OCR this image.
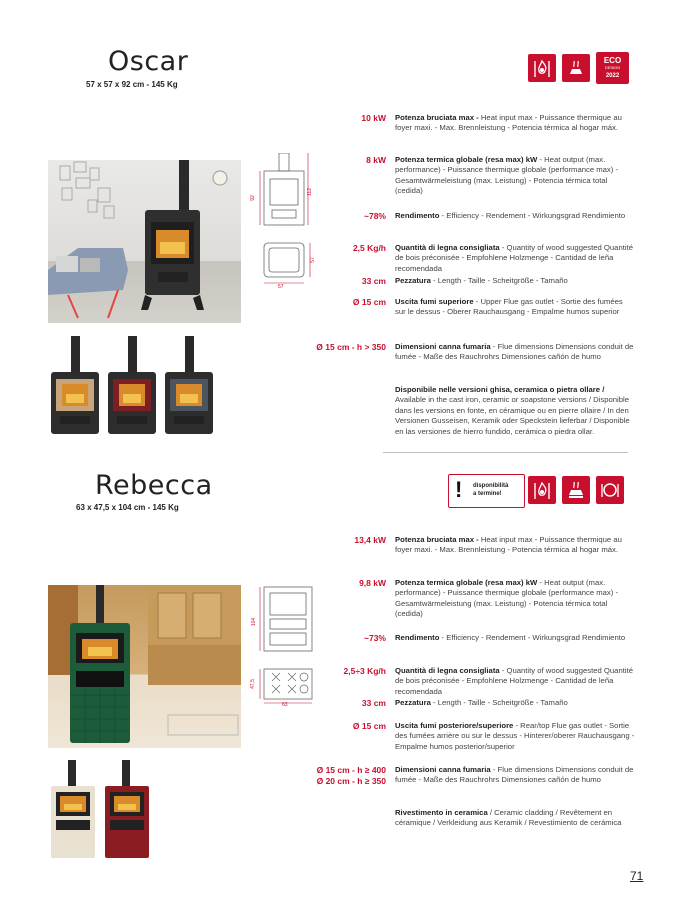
Oscar
57 x 57 x 92 cm - 145 Kg
ECO
DESIGN
2022
92
112
57
57
10 kW Potenza bruciata max - Heat input max - Puissance thermique au foyer maxi. - Max. Brennleistung - Potencia térmica al hogar máx.
8 kW Potenza termica globale (resa max) kW - Heat output (max. performance) - Puissance thermique globale (performance max) - Gesamtwärmeleistung (max. Leistung) - Potencia térmica total (cedida)
~78% Rendimento - Efficiency - Rendement - Wirkungsgrad Rendimiento
2,5 Kg/h Quantità di legna consigliata - Quantity of wood suggested Quantité de bois préconisée - Empfohlene Holzmenge - Cantidad de leña recomendada
33 cm Pezzatura - Length - Taille - Scheitgröße - Tamaño
Ø 15 cm Uscita fumi superiore - Upper Flue gas outlet - Sortie des fumées sur le dessus - Oberer Rauchausgang - Empalme humos superior
Ø 15 cm - h > 350 Dimensioni canna fumaria - Flue dimensions Dimensions conduit de fumée - Maße des Rauchrohrs Dimensiones cañón de humo
Disponibile nelle versioni ghisa, ceramica o pietra ollare / Available in the cast iron, ceramic or soapstone versions / Disponible dans les versions en fonte, en céramique ou en pierre ollaire / In den Versionen Gusseisen, Keramik oder Speckstein lieferbar / Disponible en las versiones de hierro fundido, cerámica o piedra ollar.
Rebecca
63 x 47,5 x 104 cm - 145 Kg
! disponibilità
a termine!
104
47,5
63
13,4 kW Potenza bruciata max - Heat input max - Puissance thermique au foyer maxi. - Max. Brennleistung - Potencia térmica al hogar máx.
9,8 kW Potenza termica globale (resa max) kW - Heat output (max. performance) - Puissance thermique globale (performance max) - Gesamtwärmeleistung (max. Leistung) - Potencia térmica total (cedida)
~73% Rendimento - Efficiency - Rendement - Wirkungsgrad Rendimiento
2,5÷3 Kg/h Quantità di legna consigliata - Quantity of wood suggested Quantité de bois préconisée - Empfohlene Holzmenge - Cantidad de leña recomendada
33 cm Pezzatura - Length - Taille - Scheitgröße - Tamaño
Ø 15 cm Uscita fumi posteriore/superiore - Rear/top Flue gas outlet - Sortie des fumées arrière ou sur le dessus - Hinterer/oberer Rauchausgang - Empalme humos posterior/superior
Ø 15 cm - h ≥ 400
Ø 20 cm - h ≥ 350
Dimensioni canna fumaria - Flue dimensions Dimensions conduit de fumée - Maße des Rauchrohrs Dimensiones cañón de humo
Rivestimento in ceramica / Ceramic cladding / Revêtement en céramique / Verkleidung aus Keramik / Revestimiento de cerámica
71
